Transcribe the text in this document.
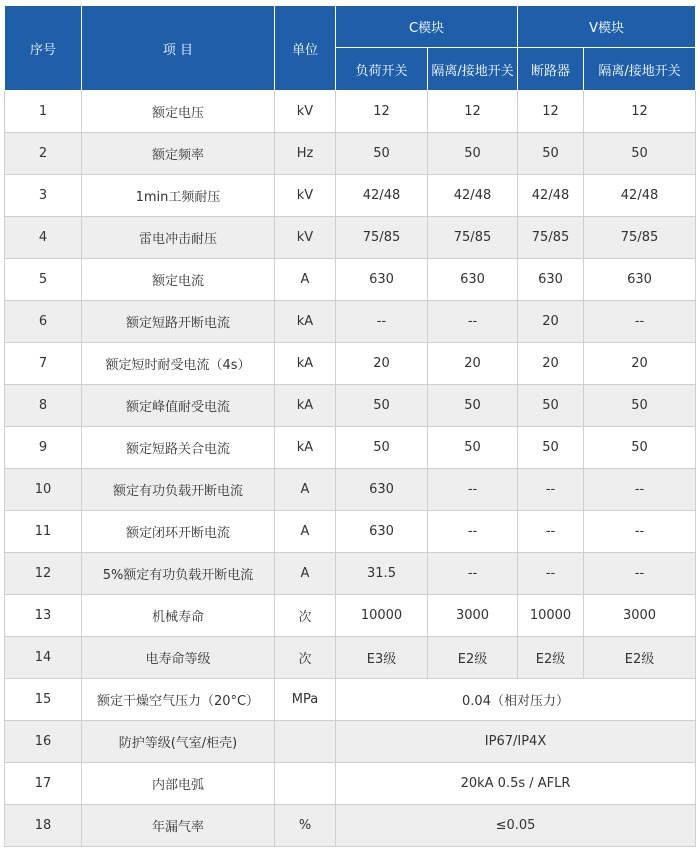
序号	项 目	单位	C模块		V模块	
			负荷开关	隔离/接地开关	断路器	隔离/接地开关
1	额定电压	kV	12	12	12	12
2	额定频率	Hz	50	50	50	50
3	1min工频耐压	kV	42/48	42/48	42/48	42/48
4	雷电冲击耐压	kV	75/85	75/85	75/85	75/85
5	额定电流	A	630	630	630	630
6	额定短路开断电流	kA	--	--	20	--
7	额定短时耐受电流（4s）	kA	20	20	20	20
8	额定峰值耐受电流	kA	50	50	50	50
9	额定短路关合电流	kA	50	50	50	50
10	额定有功负载开断电流	A	630	--	--	--
11	额定闭环开断电流	A	630	--	--	--
12	5%额定有功负载开断电流	A	31.5	--	--	--
13	机械寿命	次	10000	3000	10000	3000
14	电寿命等级	次	E3级	E2级	E2级	E2级
15	额定干燥空气压力（20°C）	MPa	0.04（相对压力）			
16	防护等级(气室/柜壳)		IP67/IP4X			
17	内部电弧		20kA 0.5s / AFLR			
18	年漏气率	%	≤0.05			
